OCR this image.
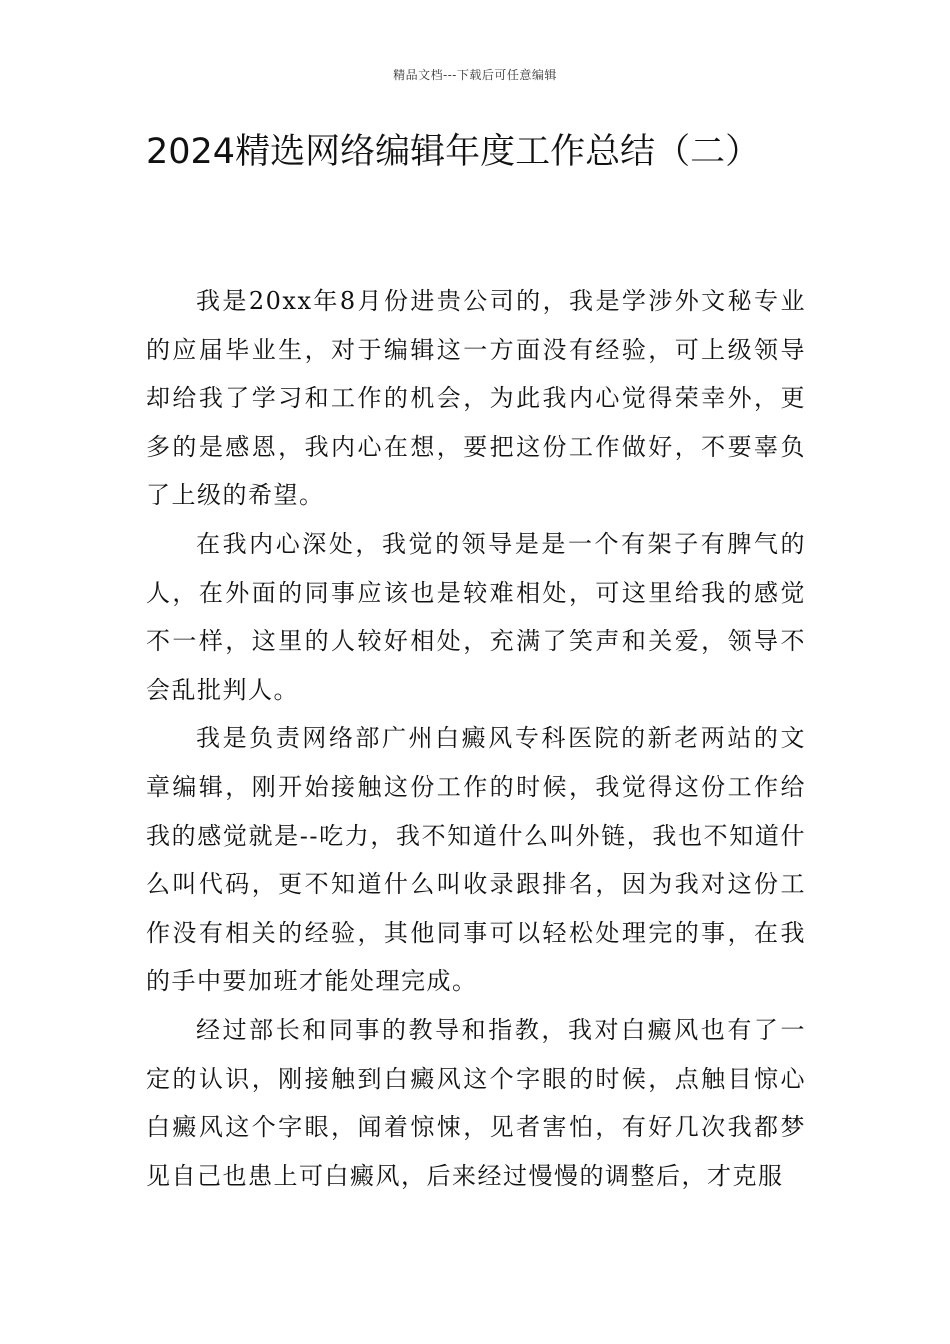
精品文档---下载后可任意编辑
2024精选网络编辑年度工作总结（二）

我是20xx年8月份进贵公司的，我是学涉外文秘专业的应届毕业生，对于编辑这一方面没有经验，可上级领导却给我了学习和工作的机会，为此我内心觉得荣幸外，更多的是感恩，我内心在想，要把这份工作做好，不要辜负了上级的希望。

在我内心深处，我觉的领导是是一个有架子有脾气的人，在外面的同事应该也是较难相处，可这里给我的感觉不一样，这里的人较好相处，充满了笑声和关爱，领导不会乱批判人。

我是负责网络部广州白癜风专科医院的新老两站的文章编辑，刚开始接触这份工作的时候，我觉得这份工作给我的感觉就是--吃力，我不知道什么叫外链，我也不知道什么叫代码，更不知道什么叫收录跟排名，因为我对这份工作没有相关的经验，其他同事可以轻松处理完的事，在我的手中要加班才能处理完成。

经过部长和同事的教导和指教，我对白癜风也有了一定的认识，刚接触到白癜风这个字眼的时候，点触目惊心白癜风这个字眼，闻着惊悚，见者害怕，有好几次我都梦见自己也患上可白癜风，后来经过慢慢的调整后，才克服
